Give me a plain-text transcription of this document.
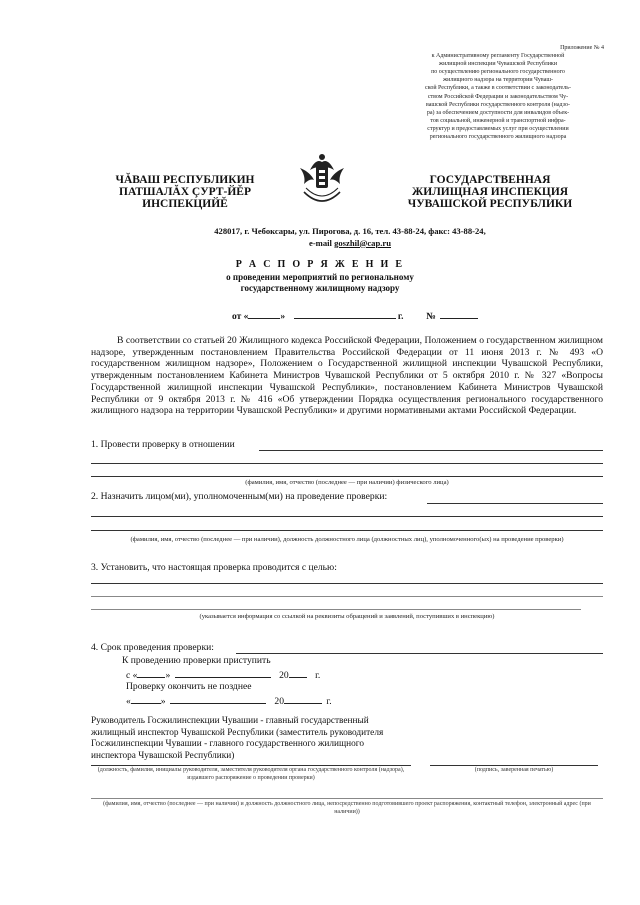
Приложение № 4
к Административному регламенту Государственной
жилищной инспекции Чувашской Республики
по осуществлению регионального государственного
жилищного надзора на территории Чуваш-
ской Республики, а также в соответствии с законодатель-
ством Российской Федерации и законодательством Чу-
вашской Республики государственного контроля (надзо-
ра) за обеспечением доступности для инвалидов объек-
тов социальной, инженерной и транспортной инфра-
структур и предоставляемых услуг при осуществлении
регионального государственного жилищного надзора
ЧĂВАШ РЕСПУБЛИКИН
ПАТШАЛĂХ ÇУРТ-ЙĔР
ИНСПЕКЦИЙĔ
ГОСУДАРСТВЕННАЯ
ЖИЛИЩНАЯ ИНСПЕКЦИЯ
ЧУВАШСКОЙ РЕСПУБЛИКИ
428017, г. Чебоксары, ул. Пирогова, д. 16, тел. 43-88-24, факс: 43-88-24,
e-mail goszhil@cap.ru
Р А С П О Р Я Ж Е Н И Е
о проведении мероприятий по региональному
государственному жилищному надзору
от «	»	г. №
В соответствии со статьей 20 Жилищного кодекса Российской Федерации, Положением о государственном жилищном надзоре, утвержденным постановлением Правительства Российской Федерации от 11 июня 2013 г. № 493 «О государственном жилищном надзоре», Положением о Государственной жилищной инспекции Чувашской Республики, утвержденным постановлением Кабинета Министров Чувашской Республики от 5 октября 2010 г. № 327 «Вопросы Государственной жилищной инспекции Чувашской Республики», постановлением Кабинета Министров Чувашской Республики от 9 октября 2013 г. № 416 «Об утверждении Порядка осуществления регионального государственного жилищного надзора на территории Чувашской Республики» и другими нормативными актами Российской Федерации.
1. Провести проверку в отношении
(фамилия, имя, отчество (последнее — при наличии) физического лица)
2. Назначить лицом(ми), уполномоченным(ми) на проведение проверки:
(фамилия, имя, отчество (последнее — при наличии), должность должностного лица (должностных лиц), уполномоченного(ых) на проведение проверки)
3. Установить, что настоящая проверка проводится с целью:
(указывается информация со ссылкой на реквизиты обращений и заявлений, поступивших в инспекцию)
4. Срок проведения проверки:
К проведению проверки приступить
с «	»	20	г.
Проверку окончить не позднее
«	»	20	г.
Руководитель Госжилинспекции Чувашии - главный государственный жилищный инспектор Чувашской Республики (заместитель руководителя Госжилинспекции Чувашии - главного государственного жилищного инспектора Чувашской Республики)
(должность, фамилия, инициалы руководителя, заместителя руководителя органа государственного контроля (надзора), издавшего распоряжение о проведении проверки)
(подпись, заверенная печатью)
(фамилия, имя, отчество (последнее — при наличии) и должность должностного лица, непосредственно подготовившего проект распоряжения, контактный телефон, электронный адрес (при наличии))
